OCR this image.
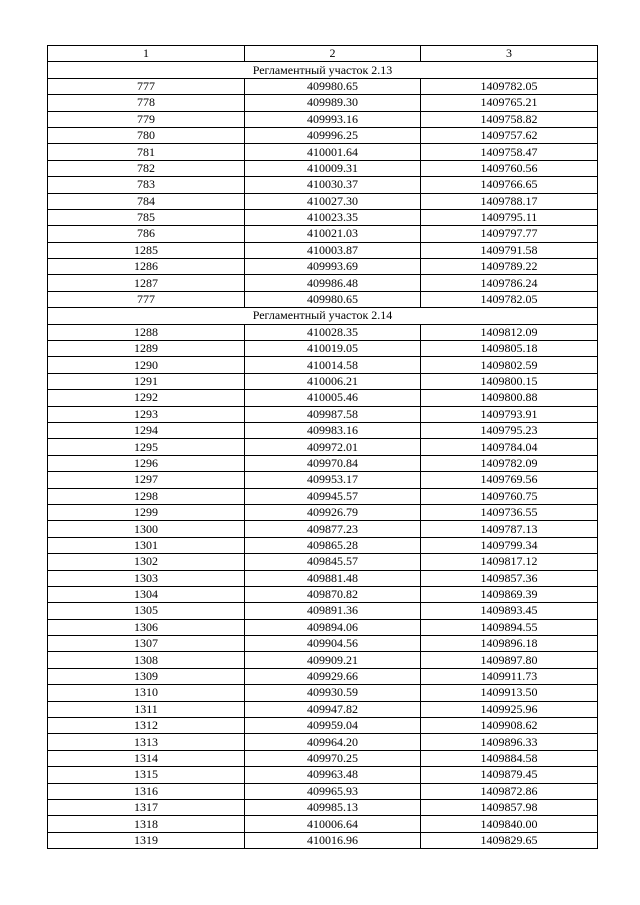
1	2	3
Регламентный участок 2.13		
777	409980.65	1409782.05
778	409989.30	1409765.21
779	409993.16	1409758.82
780	409996.25	1409757.62
781	410001.64	1409758.47
782	410009.31	1409760.56
783	410030.37	1409766.65
784	410027.30	1409788.17
785	410023.35	1409795.11
786	410021.03	1409797.77
1285	410003.87	1409791.58
1286	409993.69	1409789.22
1287	409986.48	1409786.24
777	409980.65	1409782.05
Регламентный участок 2.14		
1288	410028.35	1409812.09
1289	410019.05	1409805.18
1290	410014.58	1409802.59
1291	410006.21	1409800.15
1292	410005.46	1409800.88
1293	409987.58	1409793.91
1294	409983.16	1409795.23
1295	409972.01	1409784.04
1296	409970.84	1409782.09
1297	409953.17	1409769.56
1298	409945.57	1409760.75
1299	409926.79	1409736.55
1300	409877.23	1409787.13
1301	409865.28	1409799.34
1302	409845.57	1409817.12
1303	409881.48	1409857.36
1304	409870.82	1409869.39
1305	409891.36	1409893.45
1306	409894.06	1409894.55
1307	409904.56	1409896.18
1308	409909.21	1409897.80
1309	409929.66	1409911.73
1310	409930.59	1409913.50
1311	409947.82	1409925.96
1312	409959.04	1409908.62
1313	409964.20	1409896.33
1314	409970.25	1409884.58
1315	409963.48	1409879.45
1316	409965.93	1409872.86
1317	409985.13	1409857.98
1318	410006.64	1409840.00
1319	410016.96	1409829.65
